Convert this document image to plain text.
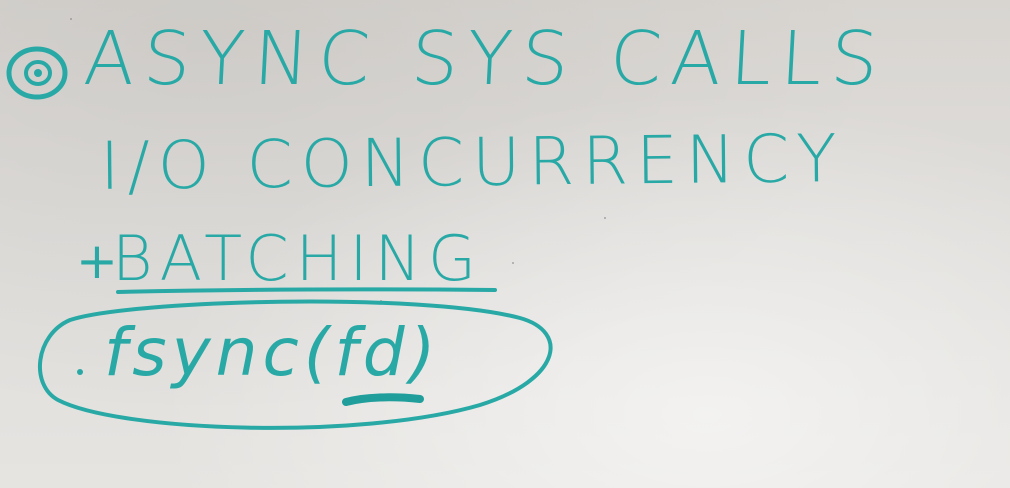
ASYNC SYS CALLS
I/O CONCURRENCY
+
BATCHING
fsync(fd)
